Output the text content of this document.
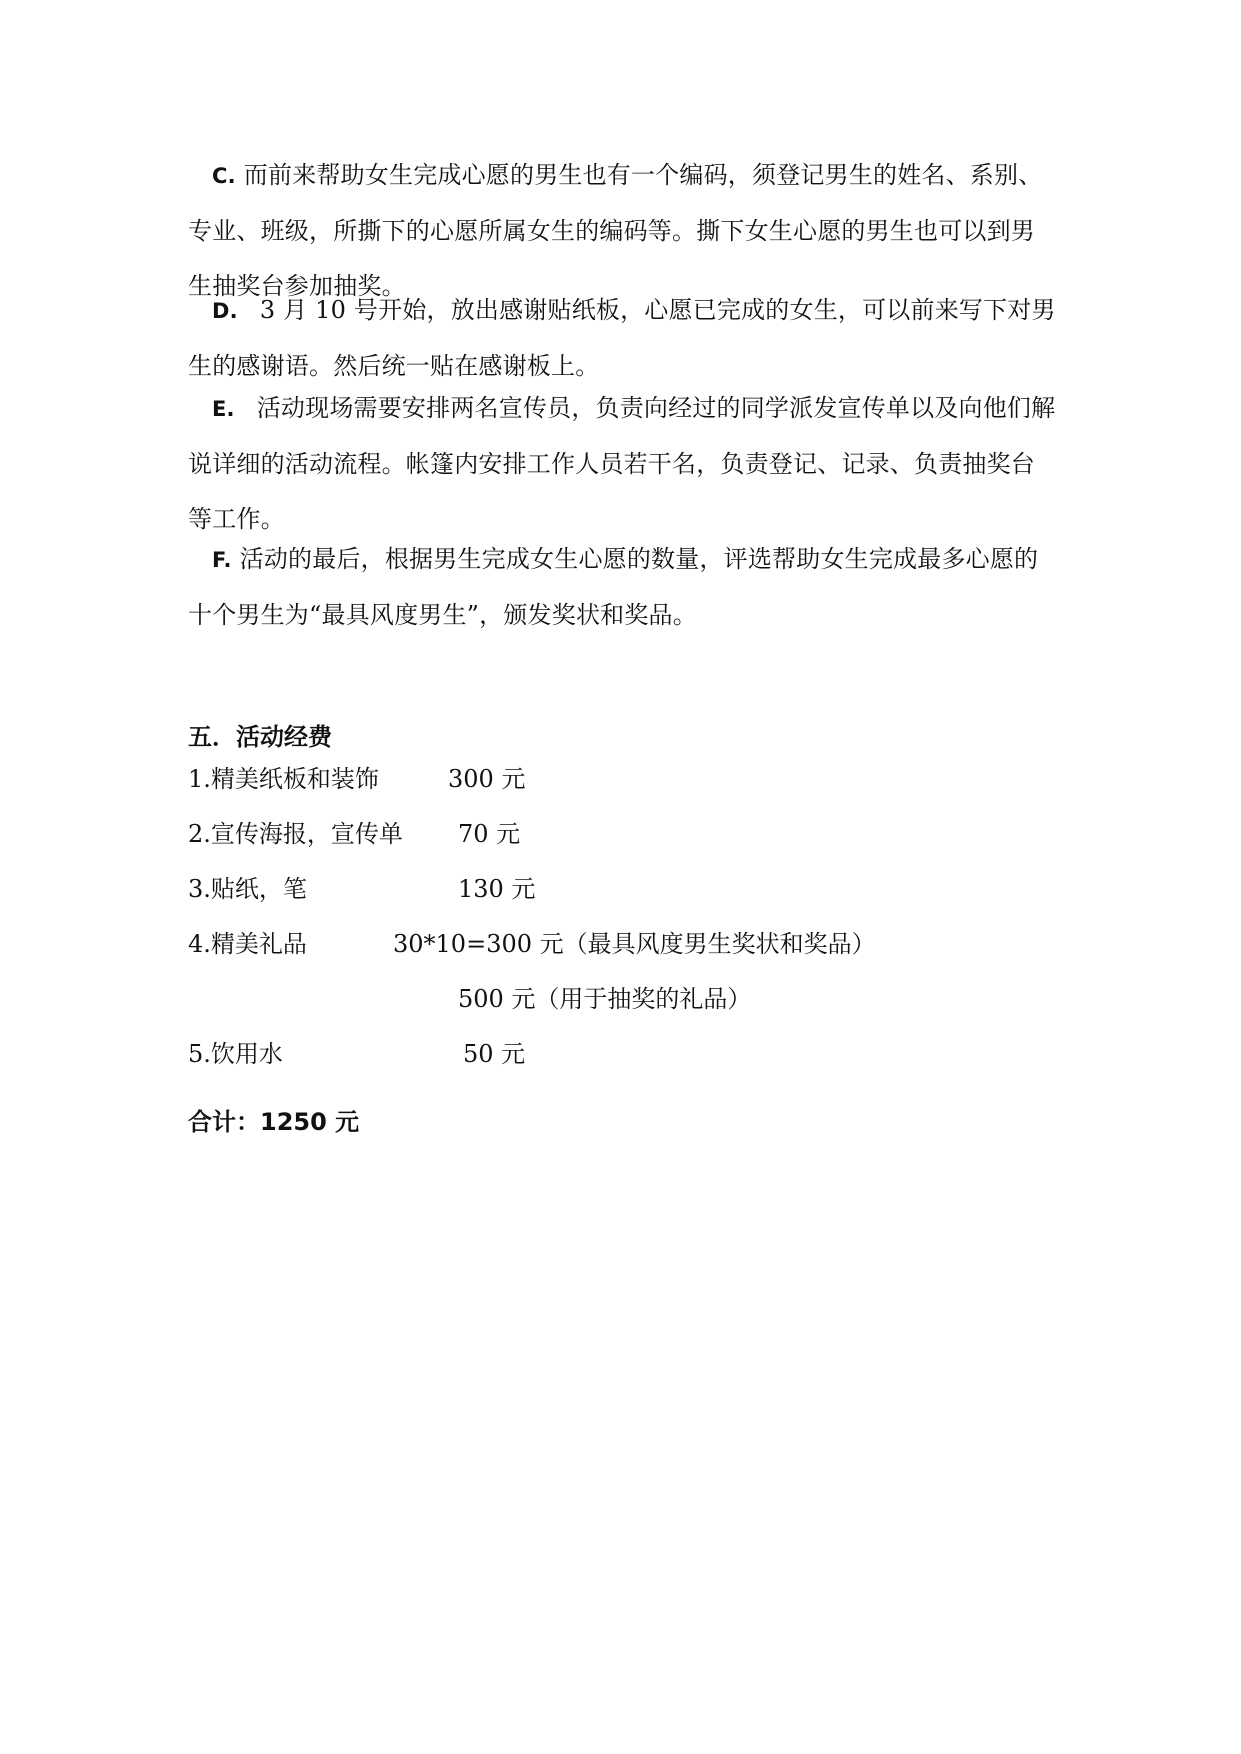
C. 而前来帮助女生完成心愿的男生也有一个编码，须登记男生的姓名、系别、专业、班级，所撕下的心愿所属女生的编码等。撕下女生心愿的男生也可以到男生抽奖台参加抽奖。

D. 3 月 10 号开始，放出感谢贴纸板，心愿已完成的女生，可以前来写下对男生的感谢语。然后统一贴在感谢板上。

E. 活动现场需要安排两名宣传员，负责向经过的同学派发宣传单以及向他们解说详细的活动流程。帐篷内安排工作人员若干名，负责登记、记录、负责抽奖台等工作。

F. 活动的最后，根据男生完成女生心愿的数量，评选帮助女生完成最多心愿的十个男生为“最具风度男生”，颁发奖状和奖品。

五．活动经费
1.精美纸板和装饰	300 元
2.宣传海报，宣传单 70 元
3.贴纸，笔	130 元
4.精美礼品	30*10=300 元（最具风度男生奖状和奖品）
500 元（用于抽奖的礼品）
5.饮用水	50 元
合计：1250 元
